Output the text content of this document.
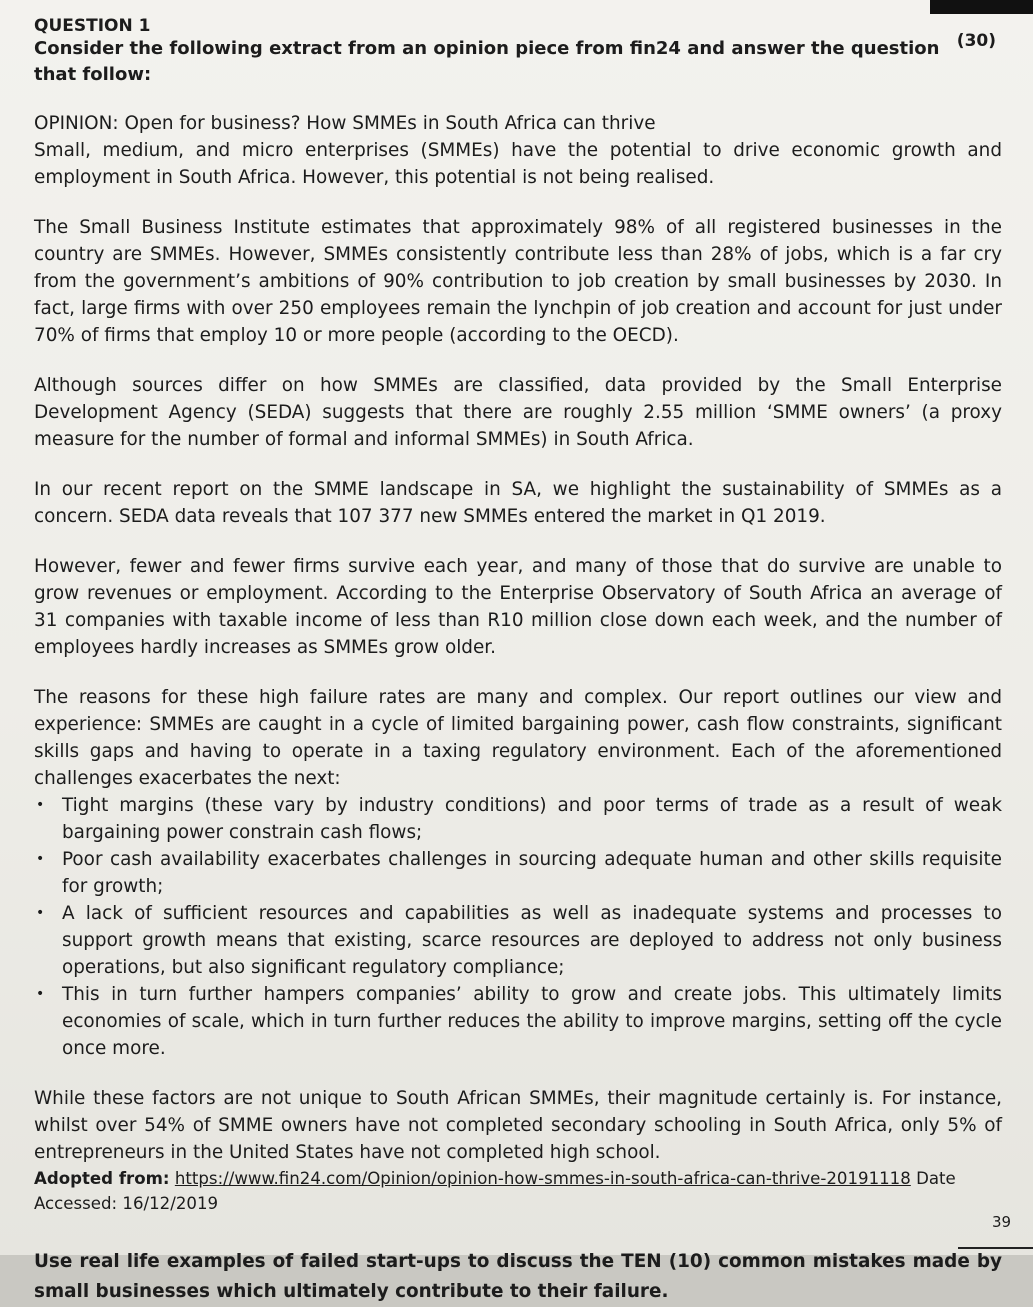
QUESTION 1
Consider the following extract from an opinion piece from fin24 and answer the question that follow:
(30)

OPINION: Open for business? How SMMEs in South Africa can thrive

Small, medium, and micro enterprises (SMMEs) have the potential to drive economic growth and employment in South Africa. However, this potential is not being realised.

The Small Business Institute estimates that approximately 98% of all registered businesses in the country are SMMEs. However, SMMEs consistently contribute less than 28% of jobs, which is a far cry from the government’s ambitions of 90% contribution to job creation by small businesses by 2030. In fact, large firms with over 250 employees remain the lynchpin of job creation and account for just under 70% of firms that employ 10 or more people (according to the OECD).

Although sources differ on how SMMEs are classified, data provided by the Small Enterprise Development Agency (SEDA) suggests that there are roughly 2.55 million ‘SMME owners’ (a proxy measure for the number of formal and informal SMMEs) in South Africa.

In our recent report on the SMME landscape in SA, we highlight the sustainability of SMMEs as a concern. SEDA data reveals that 107 377 new SMMEs entered the market in Q1 2019.

However, fewer and fewer firms survive each year, and many of those that do survive are unable to grow revenues or employment. According to the Enterprise Observatory of South Africa an average of 31 companies with taxable income of less than R10 million close down each week, and the number of employees hardly increases as SMMEs grow older.

The reasons for these high failure rates are many and complex. Our report outlines our view and experience: SMMEs are caught in a cycle of limited bargaining power, cash flow constraints, significant skills gaps and having to operate in a taxing regulatory environment. Each of the aforementioned challenges exacerbates the next:

• Tight margins (these vary by industry conditions) and poor terms of trade as a result of weak bargaining power constrain cash flows;
• Poor cash availability exacerbates challenges in sourcing adequate human and other skills requisite for growth;
• A lack of sufficient resources and capabilities as well as inadequate systems and processes to support growth means that existing, scarce resources are deployed to address not only business operations, but also significant regulatory compliance;
• This in turn further hampers companies’ ability to grow and create jobs. This ultimately limits economies of scale, which in turn further reduces the ability to improve margins, setting off the cycle once more.

While these factors are not unique to South African SMMEs, their magnitude certainly is. For instance, whilst over 54% of SMME owners have not completed secondary schooling in South Africa, only 5% of entrepreneurs in the United States have not completed high school.

Adopted from: https://www.fin24.com/Opinion/opinion-how-smmes-in-south-africa-can-thrive-20191118 Date Accessed: 16/12/2019

Use real life examples of failed start-ups to discuss the TEN (10) common mistakes made by small businesses which ultimately contribute to their failure.

39
